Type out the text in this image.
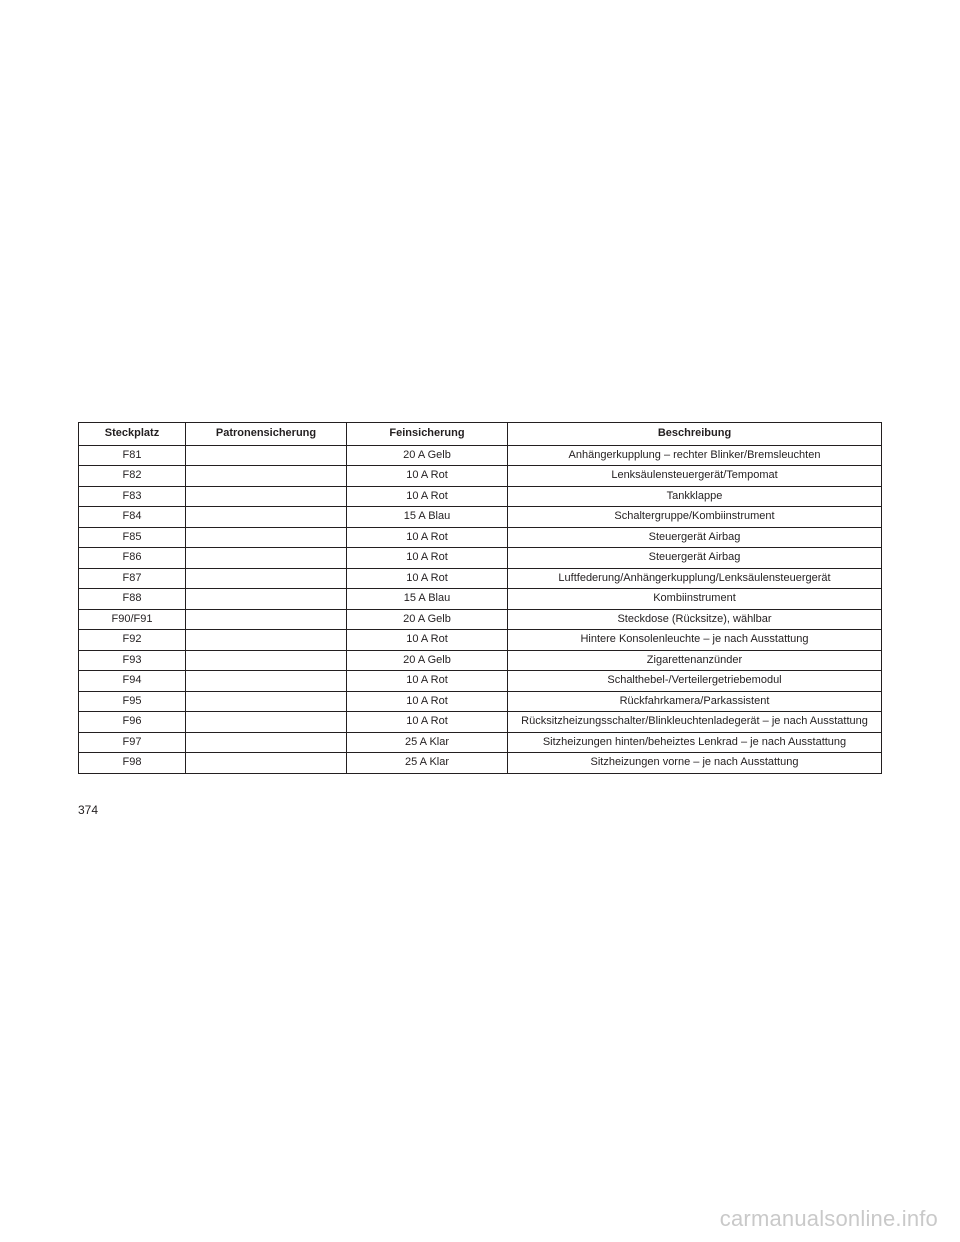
Steckplatz	Patronensicherung	Feinsicherung	Beschreibung
F81		20 A Gelb	Anhängerkupplung – rechter Blinker/Bremsleuchten
F82		10 A Rot	Lenksäulensteuergerät/Tempomat
F83		10 A Rot	Tankklappe
F84		15 A Blau	Schaltergruppe/Kombiinstrument
F85		10 A Rot	Steuergerät Airbag
F86		10 A Rot	Steuergerät Airbag
F87		10 A Rot	Luftfederung/Anhängerkupplung/Lenksäulensteuergerät
F88		15 A Blau	Kombiinstrument
F90/F91		20 A Gelb	Steckdose (Rücksitze), wählbar
F92		10 A Rot	Hintere Konsolenleuchte – je nach Ausstattung
F93		20 A Gelb	Zigarettenanzünder
F94		10 A Rot	Schalthebel-/Verteilergetriebemodul
F95		10 A Rot	Rückfahrkamera/Parkassistent
F96		10 A Rot	Rücksitzheizungsschalter/Blinkleuchtenladegerät – je nach Ausstattung
F97		25 A Klar	Sitzheizungen hinten/beheiztes Lenkrad – je nach Ausstattung
F98		25 A Klar	Sitzheizungen vorne – je nach Ausstattung
374
carmanualsonline.info
